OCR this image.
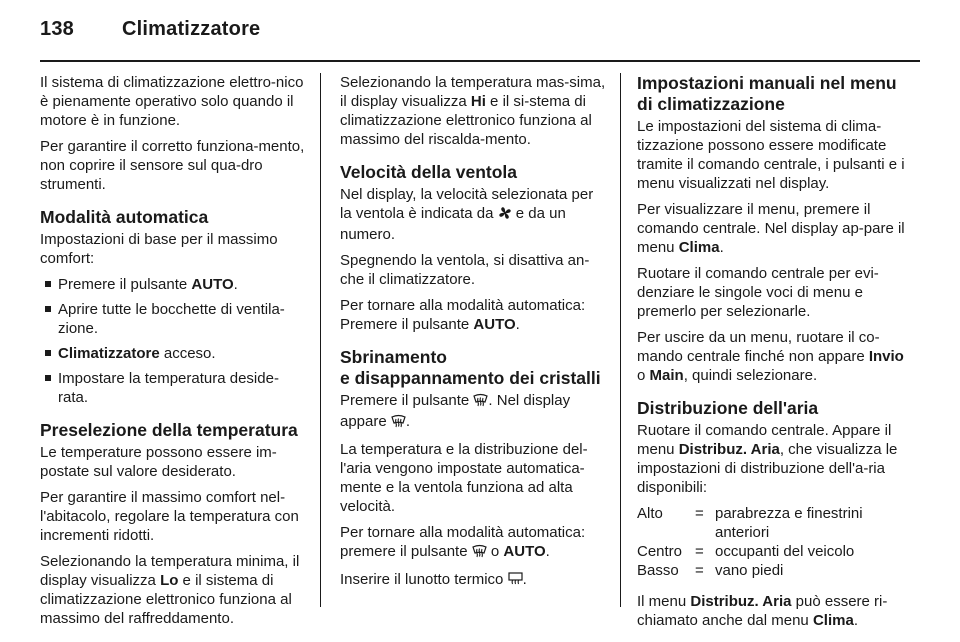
138 Climatizzatore

Il sistema di climatizzazione elettro-nico è pienamente operativo solo quando il motore è in funzione.

Per garantire il corretto funziona-mento, non coprire il sensore sul qua-dro strumenti.

Modalità automatica

Impostazioni di base per il massimo comfort:

Premere il pulsante AUTO.
Aprire tutte le bocchette di ventila-zione.
Climatizzatore acceso.
Impostare la temperatura deside-rata.
Preselezione della temperatura

Le temperature possono essere im-postate sul valore desiderato.

Per garantire il massimo comfort nel-l'abitacolo, regolare la temperatura con incrementi ridotti.

Selezionando la temperatura minima, il display visualizza Lo e il sistema di climatizzazione elettronico funziona al massimo del raffreddamento.

Selezionando la temperatura mas-sima, il display visualizza Hi e il si-stema di climatizzazione elettronico funziona al massimo del riscalda-mento.

Velocità della ventola

Nel display, la velocità selezionata per la ventola è indicata da  e da un numero.

Spegnendo la ventola, si disattiva an-che il climatizzatore.

Per tornare alla modalità automatica: Premere il pulsante AUTO.

Sbrinamento
e disappannamento dei cristalli

Premere il pulsante . Nel display appare .

La temperatura e la distribuzione del-l'aria vengono impostate automatica-mente e la ventola funziona ad alta velocità.

Per tornare alla modalità automatica: premere il pulsante  o AUTO.

Inserire il lunotto termico .

Impostazioni manuali nel menu di climatizzazione

Le impostazioni del sistema di clima-tizzazione possono essere modificate tramite il comando centrale, i pulsanti e i menu visualizzati nel display.

Per visualizzare il menu, premere il comando centrale. Nel display ap-pare il menu Clima.

Ruotare il comando centrale per evi-denziare le singole voci di menu e premerlo per selezionarle.

Per uscire da un menu, ruotare il co-mando centrale finché non appare Invio o Main, quindi selezionare.

Distribuzione dell'aria

Ruotare il comando centrale. Appare il menu Distribuz. Aria, che visualizza le impostazioni di distribuzione dell'a-ria disponibili:

Alto	= parabrezza e finestrini anteriori
Centro = occupanti del veicolo
Basso	= vano piedi

Il menu Distribuz. Aria può essere ri-chiamato anche dal menu Clima.
